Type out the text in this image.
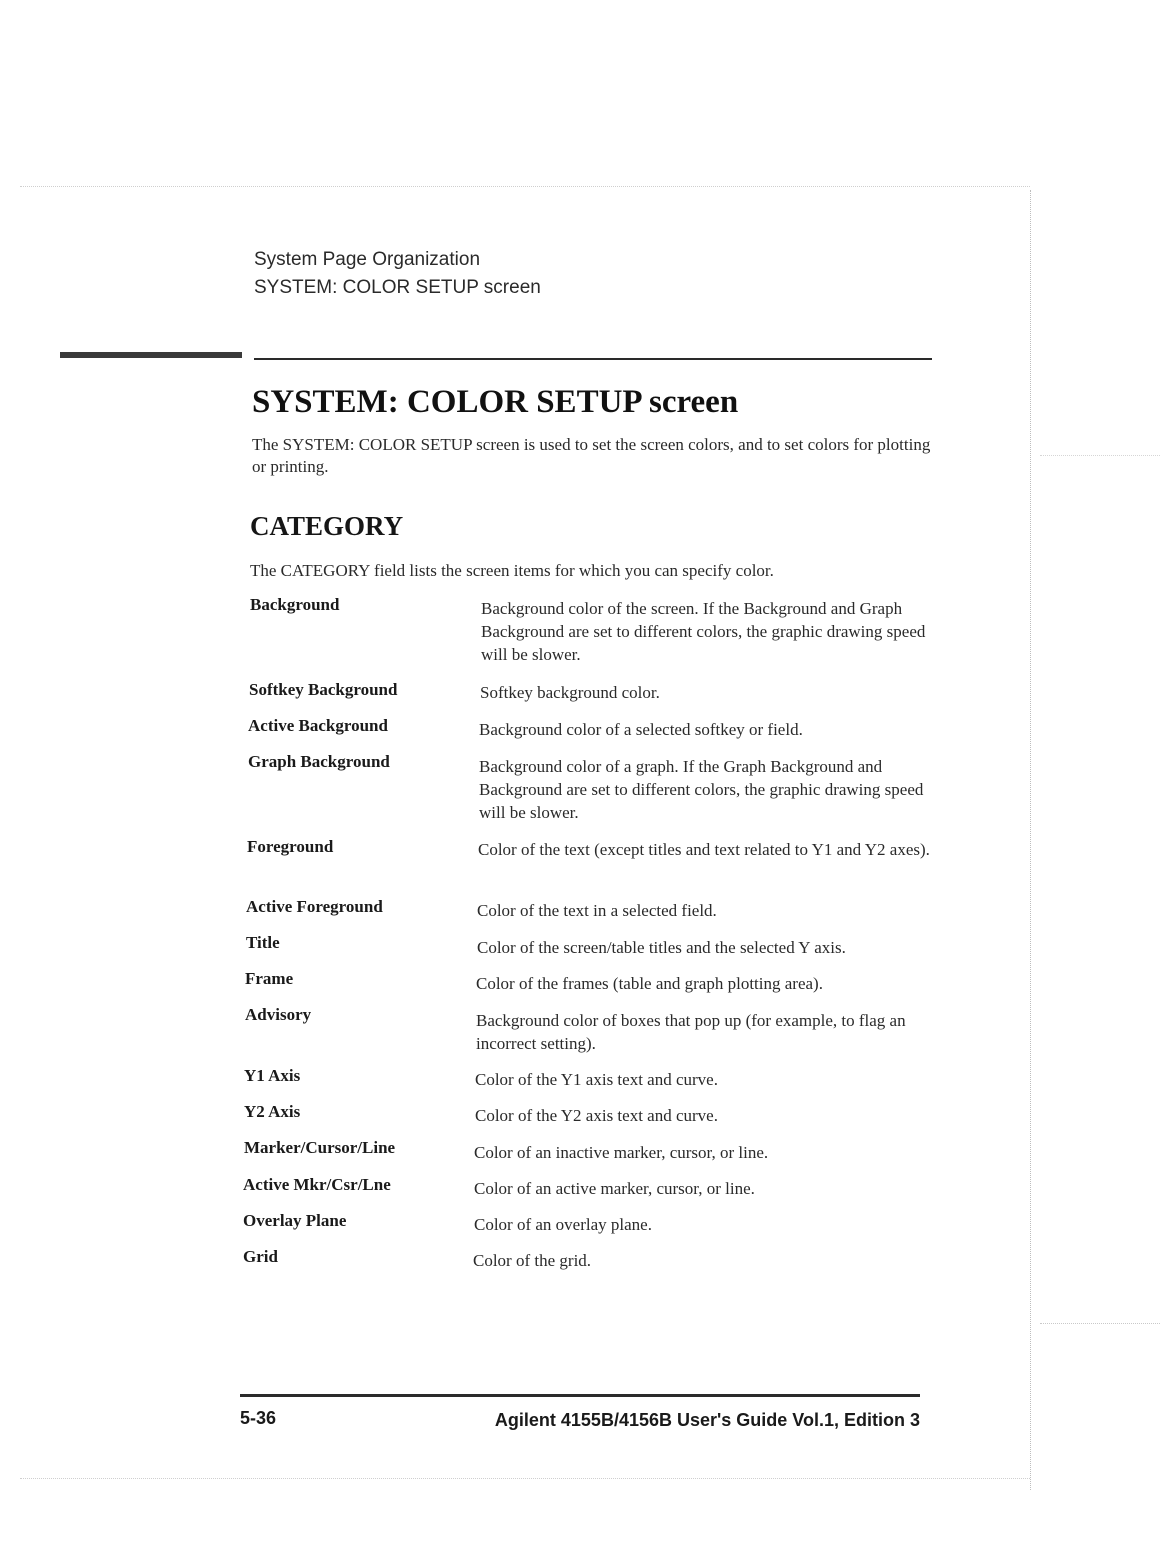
System Page Organization
SYSTEM: COLOR SETUP screen
SYSTEM: COLOR SETUP screen
The SYSTEM: COLOR SETUP screen is used to set the screen colors, and to set colors for plotting or printing.
CATEGORY
The CATEGORY field lists the screen items for which you can specify color.
Background	Background color of the screen. If the Background and Graph Background are set to different colors, the graphic drawing speed will be slower.
Softkey Background	Softkey background color.
Active Background	Background color of a selected softkey or field.
Graph Background	Background color of a graph. If the Graph Background and Background are set to different colors, the graphic drawing speed will be slower.
Foreground	Color of the text (except titles and text related to Y1 and Y2 axes).
Active Foreground	Color of the text in a selected field.
Title	Color of the screen/table titles and the selected Y axis.
Frame	Color of the frames (table and graph plotting area).
Advisory	Background color of boxes that pop up (for example, to flag an incorrect setting).
Y1 Axis	Color of the Y1 axis text and curve.
Y2 Axis	Color of the Y2 axis text and curve.
Marker/Cursor/Line	Color of an inactive marker, cursor, or line.
Active Mkr/Csr/Lne	Color of an active marker, cursor, or line.
Overlay Plane	Color of an overlay plane.
Grid	Color of the grid.
5-36	Agilent 4155B/4156B User's Guide Vol.1, Edition 3
